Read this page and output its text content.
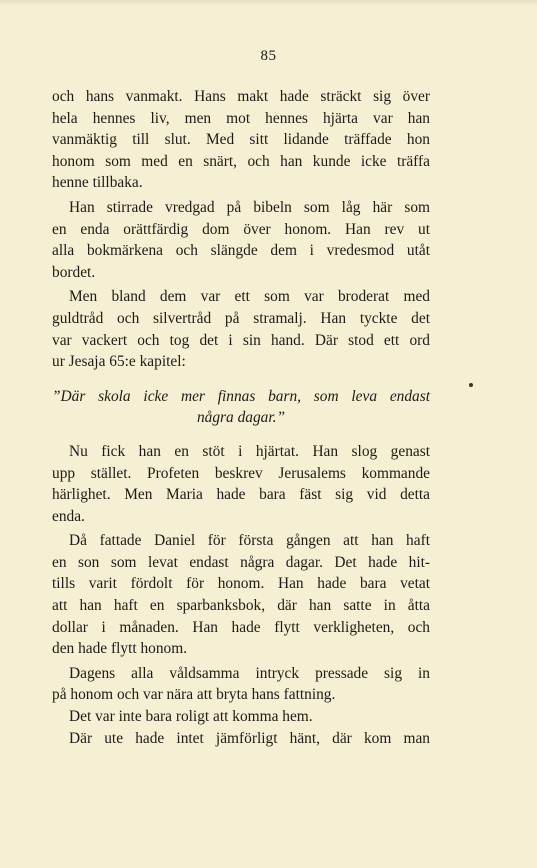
85
och hans vanmakt. Hans makt hade sträckt sig över
hela hennes liv, men mot hennes hjärta var han
vanmäktig till slut. Med sitt lidande träffade hon
honom som med en snärt, och han kunde icke träffa
henne tillbaka.
Han stirrade vredgad på bibeln som låg här som
en enda orättfärdig dom över honom. Han rev ut
alla bokmärkena och slängde dem i vredesmod utåt
bordet.
Men bland dem var ett som var broderat med
guldtråd och silvertråd på stramalj. Han tyckte det
var vackert och tog det i sin hand. Där stod ett ord
ur Jesaja 65:e kapitel:
”Där skola icke mer finnas barn, som leva endast
några dagar.”
Nu fick han en stöt i hjärtat. Han slog genast
upp stället. Profeten beskrev Jerusalems kommande
härlighet. Men Maria hade bara fäst sig vid detta
enda.
Då fattade Daniel för första gången att han haft
en son som levat endast några dagar. Det hade hit-
tills varit fördolt för honom. Han hade bara vetat
att han haft en sparbanksbok, där han satte in åtta
dollar i månaden. Han hade flytt verkligheten, och
den hade flytt honom.
Dagens alla våldsamma intryck pressade sig in
på honom och var nära att bryta hans fattning.
Det var inte bara roligt att komma hem.
Där ute hade intet jämförligt hänt, där kom man
